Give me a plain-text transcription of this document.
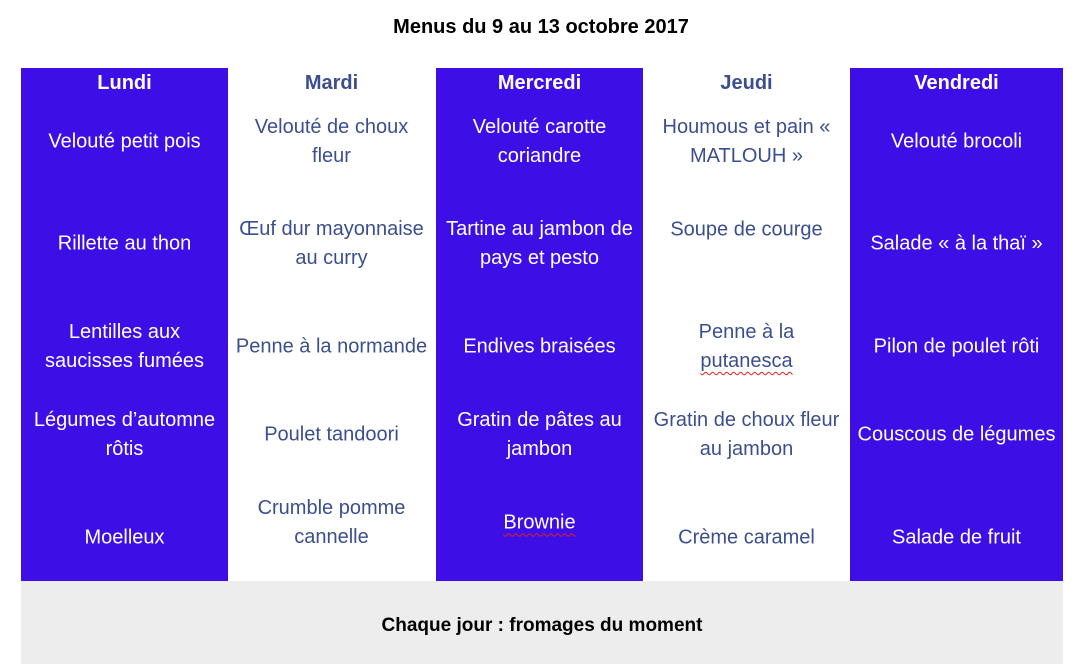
Menus du 9 au 13 octobre 2017
Lundi
Velouté petit pois
Rillette au thon
Lentilles aux saucisses fumées
Légumes d’automne rôtis
Moelleux
Mardi
Velouté de choux fleur
Œuf dur mayonnaise au curry
Penne à la normande
Poulet tandoori
Crumble pomme cannelle
Mercredi
Velouté carotte coriandre
Tartine au jambon de pays et pesto
Endives braisées
Gratin de pâtes au jambon
Brownie
Jeudi
Houmous et pain « MATLOUH »
Soupe de courge
Penne à la
putanesca
Gratin de choux fleur au jambon
Crème caramel
Vendredi
Velouté brocoli
Salade « à la thaï »
Pilon de poulet rôti
Couscous de légumes
Salade de fruit
Chaque jour : fromages du moment
